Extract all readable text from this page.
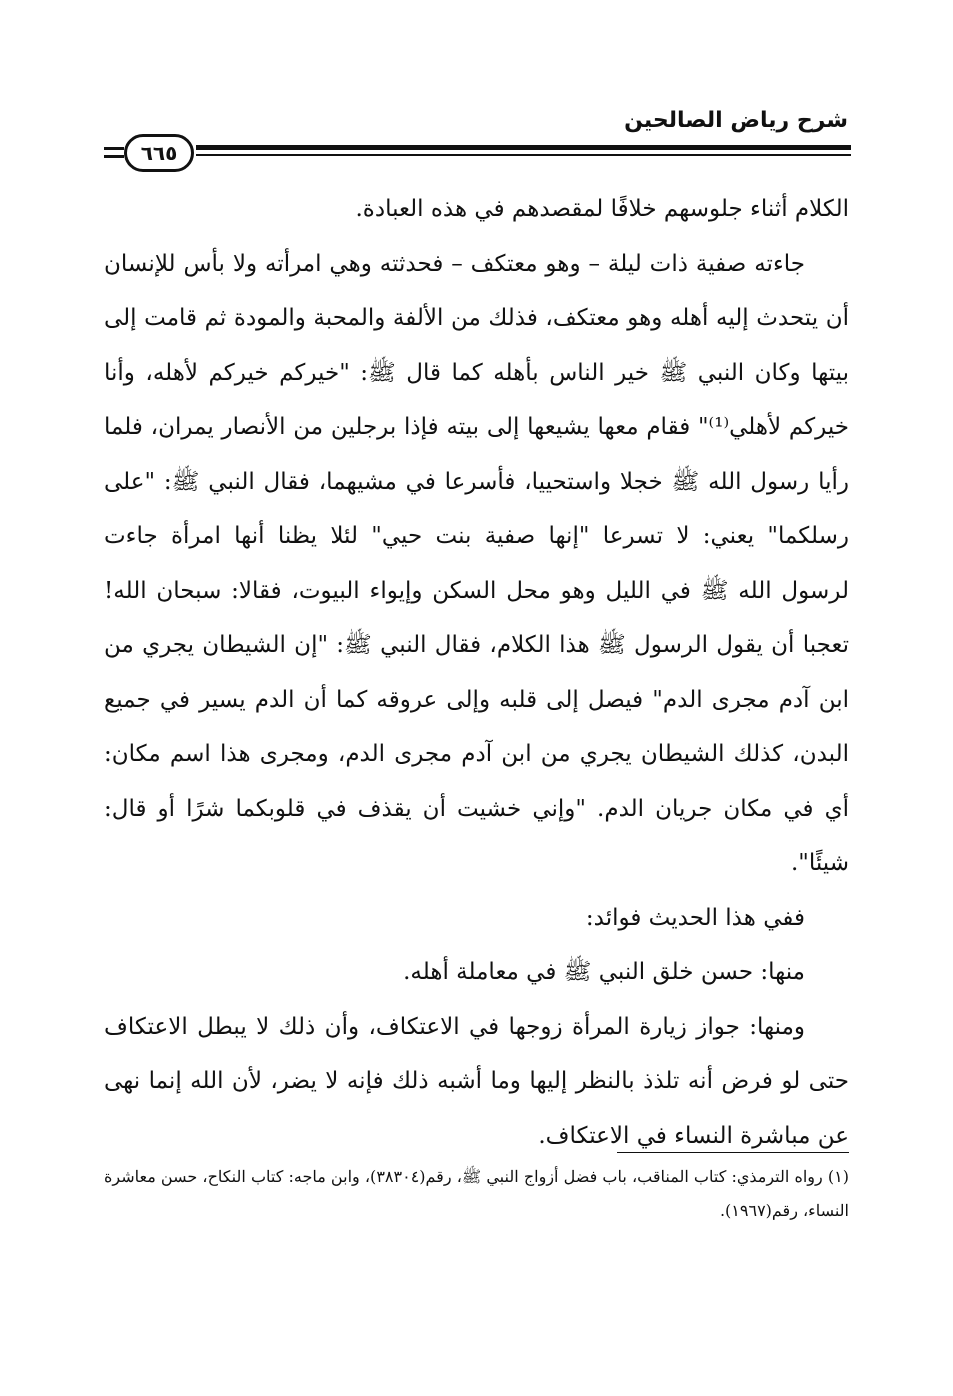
شرح رياض الصالحين
٦٦٥

الكلام أثناء جلوسهم خلافًا لمقصدهم في هذه العبادة.

جاءته صفية ذات ليلة – وهو معتكف – فحدثته وهي امرأته ولا بأس للإنسان أن يتحدث إليه أهله وهو معتكف، فذلك من الألفة والمحبة والمودة ثم قامت إلى بيتها وكان النبي ﷺ خير الناس بأهله كما قال ﷺ: "خيركم خيركم لأهله، وأنا خيركم لأهلي⁽¹⁾" فقام معها يشيعها إلى بيته فإذا برجلين من الأنصار يمران، فلما رأيا رسول الله ﷺ خجلا واستحييا، فأسرعا في مشيهما، فقال النبي ﷺ: "على رسلكما" يعني: لا تسرعا "إنها صفية بنت حيي" لئلا يظنا أنها امرأة جاءت لرسول الله ﷺ في الليل وهو محل السكن وإيواء البيوت، فقالا: سبحان الله! تعجبا أن يقول الرسول ﷺ هذا الكلام، فقال النبي ﷺ: "إن الشيطان يجري من ابن آدم مجرى الدم" فيصل إلى قلبه وإلى عروقه كما أن الدم يسير في جميع البدن، كذلك الشيطان يجري من ابن آدم مجرى الدم، ومجرى هذا اسم مكان: أي في مكان جريان الدم. "وإني خشيت أن يقذف في قلوبكما شرًا أو قال: شيئًا".

ففي هذا الحديث فوائد:

منها: حسن خلق النبي ﷺ في معاملة أهله.

ومنها: جواز زيارة المرأة زوجها في الاعتكاف، وأن ذلك لا يبطل الاعتكاف حتى لو فرض أنه تلذذ بالنظر إليها وما أشبه ذلك فإنه لا يضر، لأن الله إنما نهى عن مباشرة النساء في الاعتكاف.

(١) رواه الترمذي: كتاب المناقب، باب فضل أزواج النبي ﷺ، رقم(٣٨٣٠٤)، وابن ماجه: كتاب النكاح، حسن معاشرة النساء، رقم(١٩٦٧).
